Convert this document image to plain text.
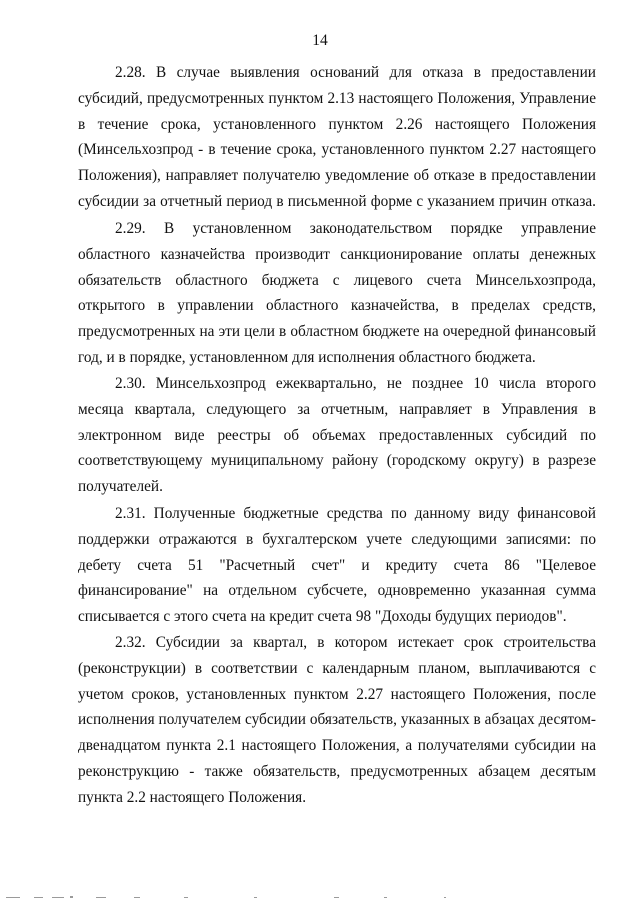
14
2.28. В случае выявления оснований для отказа в предоставлении
субсидий, предусмотренных пунктом 2.13 настоящего Положения, Управление
в течение срока, установленного пунктом 2.26 настоящего Положения
(Минсельхозпрод - в течение срока, установленного пунктом 2.27 настоящего
Положения), направляет получателю уведомление об отказе в предоставлении
субсидии за отчетный период в письменной форме с указанием причин отказа.
2.29. В установленном законодательством порядке управление
областного казначейства производит санкционирование оплаты денежных
обязательств областного бюджета с лицевого счета Минсельхозпрода,
открытого в управлении областного казначейства, в пределах средств,
предусмотренных на эти цели в областном бюджете на очередной финансовый
год, и в порядке, установленном для исполнения областного бюджета.
2.30. Минсельхозпрод ежеквартально, не позднее 10 числа второго
месяца квартала, следующего за отчетным, направляет в Управления в
электронном виде реестры об объемах предоставленных субсидий по
соответствующему муниципальному району (городскому округу) в разрезе
получателей.
2.31. Полученные бюджетные средства по данному виду финансовой
поддержки отражаются в бухгалтерском учете следующими записями: по
дебету счета 51 "Расчетный счет" и кредиту счета 86 "Целевое
финансирование" на отдельном субсчете, одновременно указанная сумма
списывается с этого счета на кредит счета 98 "Доходы будущих периодов".
2.32. Субсидии за квартал, в котором истекает срок строительства
(реконструкции) в соответствии с календарным планом, выплачиваются с
учетом сроков, установленных пунктом 2.27 настоящего Положения, после
исполнения получателем субсидии обязательств, указанных в абзацах десятом-
двенадцатом пункта 2.1 настоящего Положения, а получателями субсидии на
реконструкцию - также обязательств, предусмотренных абзацем десятым
пункта 2.2 настоящего Положения.
